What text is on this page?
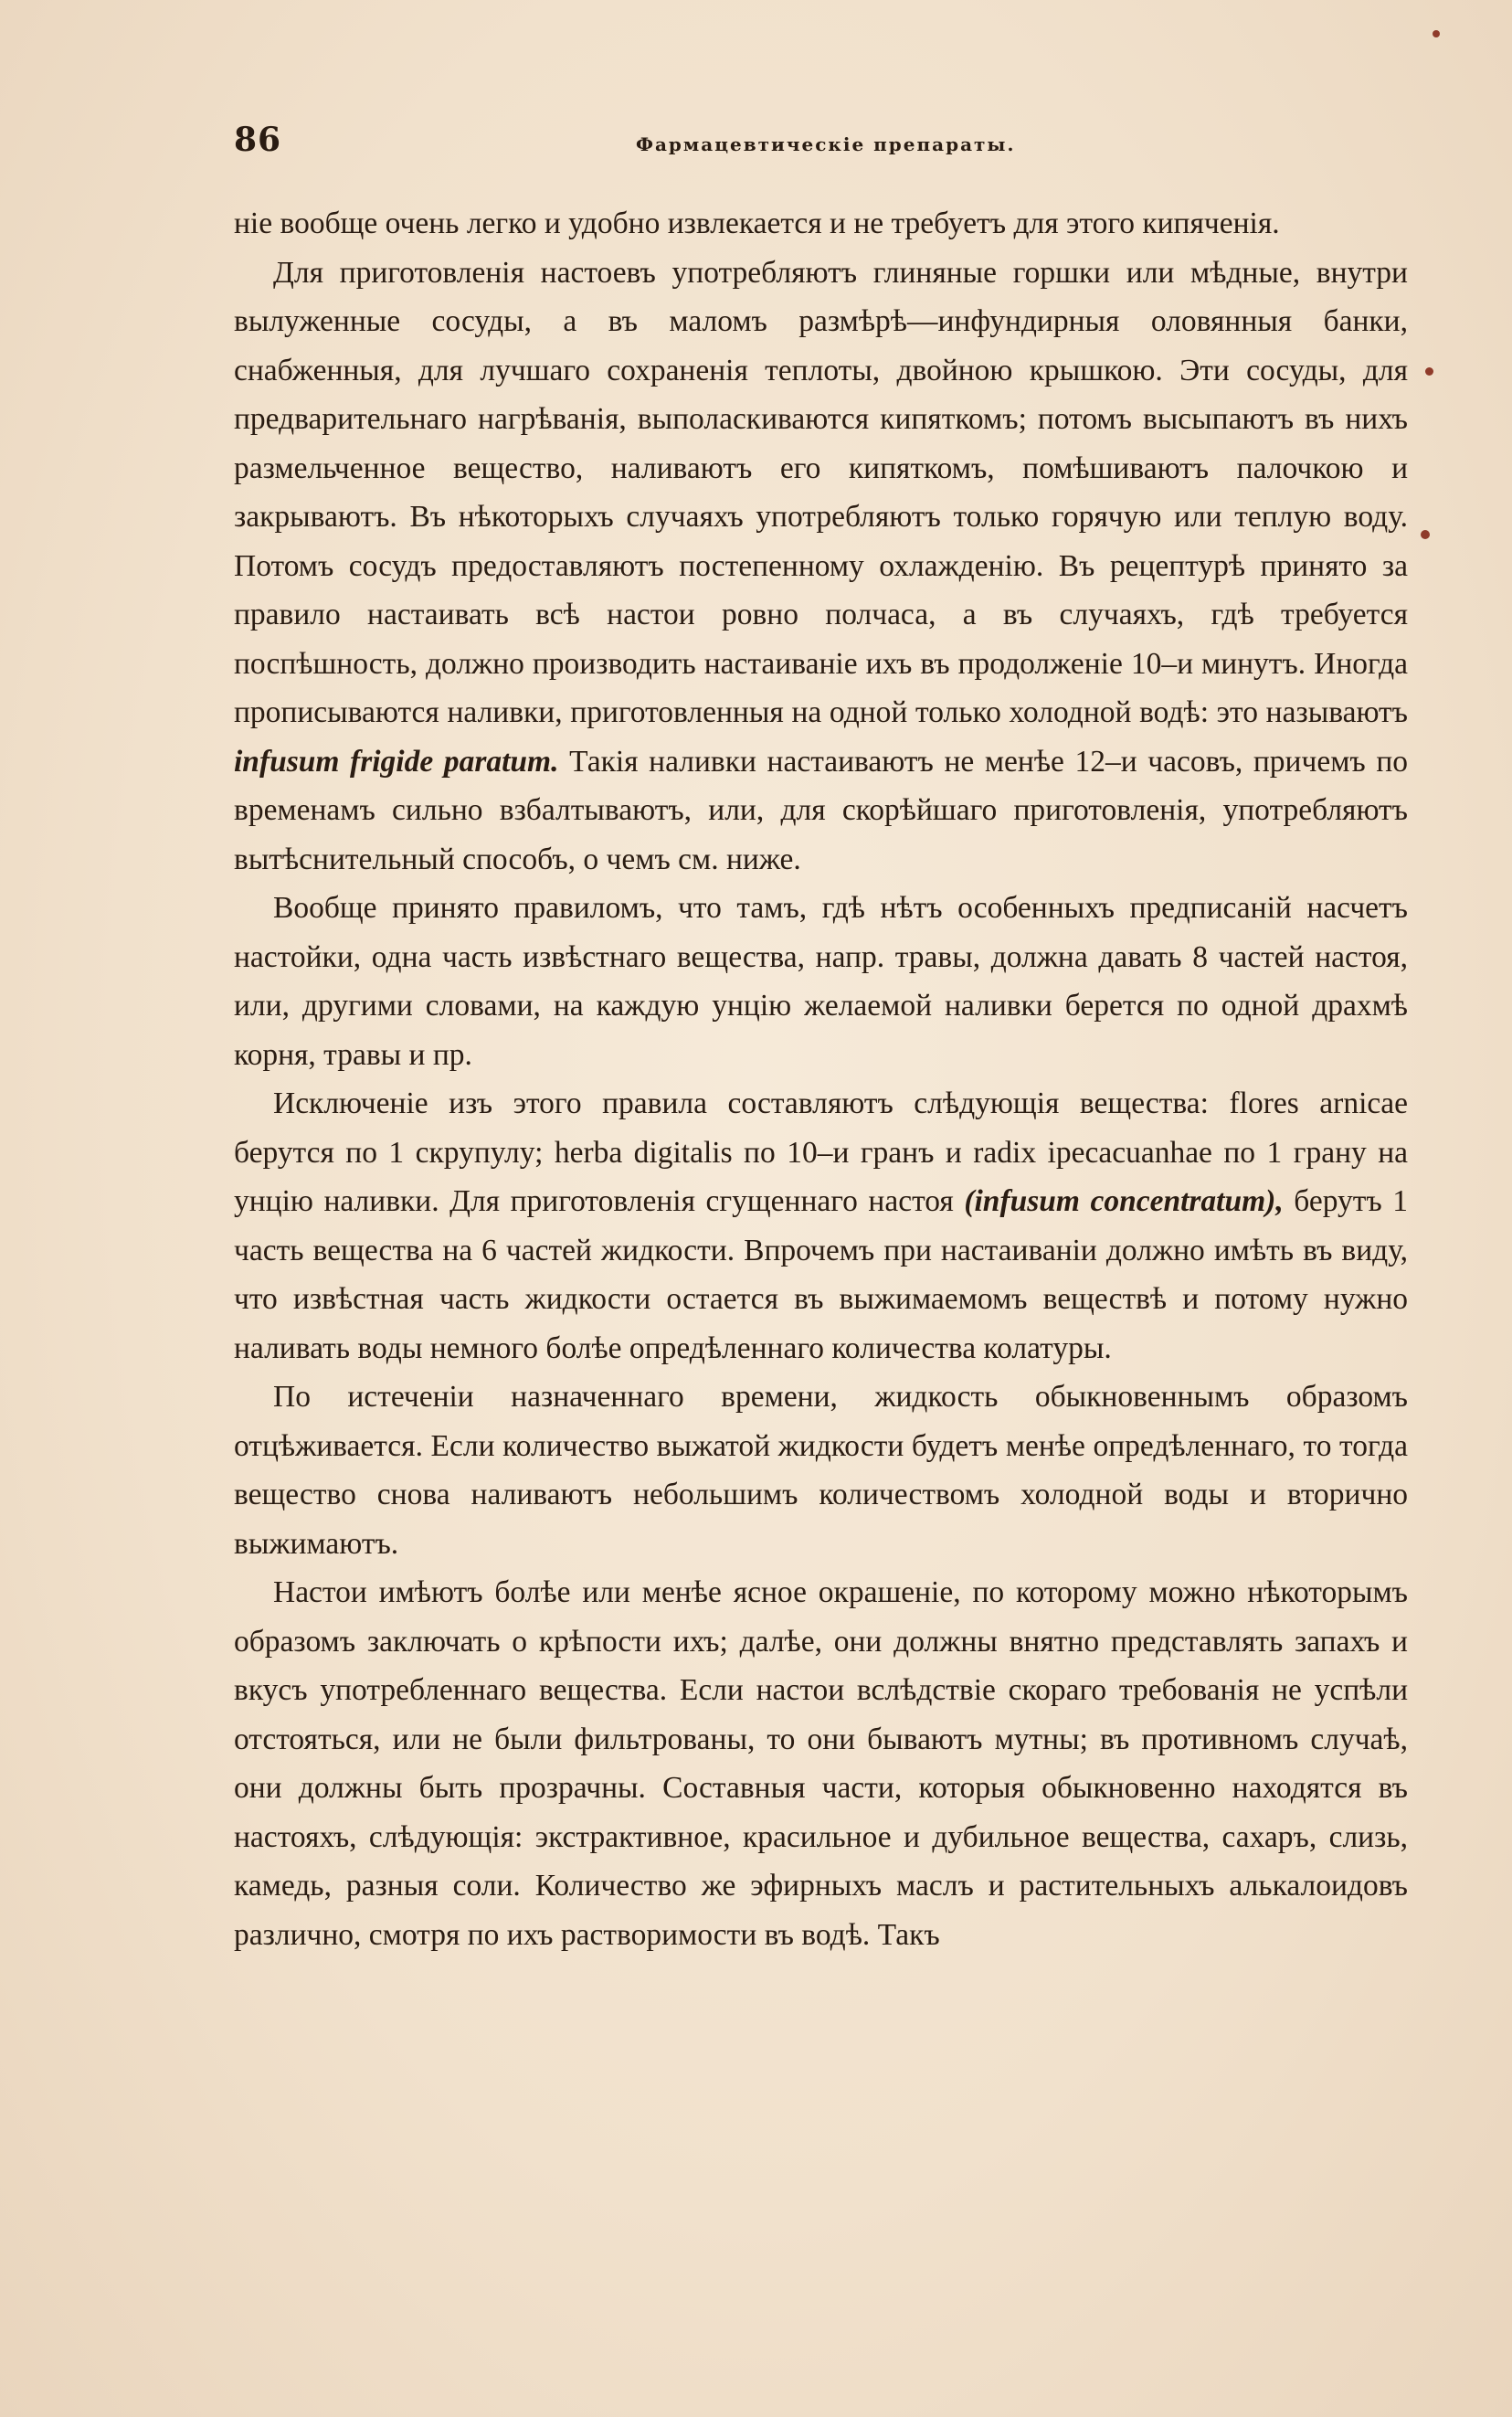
86	Фармацевтическіе препараты.

ніе вообще очень легко и удобно извлекается и не требуетъ для этого кипяченія.

Для приготовленія настоевъ употребляютъ глиняные горшки или мѣдные, внутри вылуженные сосуды, а въ маломъ размѣрѣ—инфундирныя оловянныя банки, снабженныя, для лучшаго сохраненія теплоты, двойною крышкою. Эти сосуды, для предварительнаго нагрѣванія, выполаскиваются кипяткомъ; потомъ высыпаютъ въ нихъ размельченное вещество, наливаютъ его кипяткомъ, помѣшиваютъ палочкою и закрываютъ. Въ нѣкоторыхъ случаяхъ употребляютъ только горячую или теплую воду. Потомъ сосудъ предоставляютъ постепенному охлажденію. Въ рецептурѣ принято за правило настаивать всѣ настои ровно полчаса, а въ случаяхъ, гдѣ требуется поспѣшность, должно производить настаиваніе ихъ въ продолженіе 10–и минутъ. Иногда прописываются наливки, приготовленныя на одной только холодной водѣ: это называютъ infusum frigide paratum. Такія наливки настаиваютъ не менѣе 12–и часовъ, причемъ по временамъ сильно взбалтываютъ, или, для скорѣйшаго приготовленія, употребляютъ вытѣснительный способъ, о чемъ см. ниже.

Вообще принято правиломъ, что тамъ, гдѣ нѣтъ особенныхъ предписаній насчетъ настойки, одна часть извѣстнаго вещества, напр. травы, должна давать 8 частей настоя, или, другими словами, на каждую унцію желаемой наливки берется по одной драхмѣ корня, травы и пр.

Исключеніе изъ этого правила составляютъ слѣдующія вещества: flores arnicae берутся по 1 скрупулу; herba digitalis по 10–и гранъ и radix ipecacuanhae по 1 грану на унцію наливки. Для приготовленія сгущеннаго настоя (infusum concentratum), берутъ 1 часть вещества на 6 частей жидкости. Впрочемъ при настаиваніи должно имѣть въ виду, что извѣстная часть жидкости остается въ выжимаемомъ веществѣ и потому нужно наливать воды немного болѣе опредѣленнаго количества колатуры.

По истеченіи назначеннаго времени, жидкость обыкновеннымъ образомъ отцѣживается. Если количество выжатой жидкости будетъ менѣе опредѣленнаго, то тогда вещество снова наливаютъ небольшимъ количествомъ холодной воды и вторично выжимаютъ.

Настои имѣютъ болѣе или менѣе ясное окрашеніе, по которому можно нѣкоторымъ образомъ заключать о крѣпости ихъ; далѣе, они должны внятно представлять запахъ и вкусъ употребленнаго вещества. Если настои вслѣдствіе скораго требованія не успѣли отстояться, или не были фильтрованы, то они бываютъ мутны; въ противномъ случаѣ, они должны быть прозрачны. Составныя части, которыя обыкновенно находятся въ настояхъ, слѣдующія: экстрактивное, красильное и дубильное вещества, сахаръ, слизь, камедь, разныя соли. Количество же эфирныхъ маслъ и растительныхъ алькалоидовъ различно, смотря по ихъ растворимости въ водѣ. Такъ
